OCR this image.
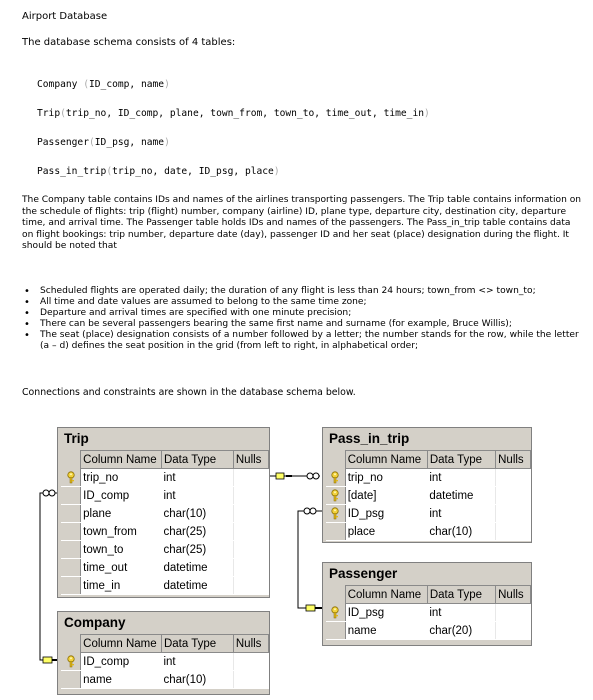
Airport Database
The database schema consists of 4 tables:
Company (ID_comp, name)
Trip(trip_no, ID_comp, plane, town_from, town_to, time_out, time_in)
Passenger(ID_psg, name)
Pass_in_trip(trip_no, date, ID_psg, place)
The Company table contains IDs and names of the airlines transporting passengers. The Trip table contains information on the schedule of flights: trip (flight) number, company (airline) ID, plane type, departure city, destination city, departure time, and arrival time. The Passenger table holds IDs and names of the passengers. The Pass_in_trip table contains data on flight bookings: trip number, departure date (day), passenger ID and her seat (place) designation during the flight. It should be noted that
• Scheduled flights are operated daily; the duration of any flight is less than 24 hours; town_from <> town_to;
• All time and date values are assumed to belong to the same time zone;
• Departure and arrival times are specified with one minute precision;
• There can be several passengers bearing the same first name and surname (for example, Bruce Willis);
• The seat (place) designation consists of a number followed by a letter; the number stands for the row, while the letter (a – d) defines the seat position in the grid (from left to right, in alphabetical order;
Connections and constraints are shown in the database schema below.
Trip
	Column Name	Data Type	Nulls
	trip_no	int	
	ID_comp	int	
	plane	char(10)	
	town_from	char(25)	
	town_to	char(25)	
	time_out	datetime	
	time_in	datetime	
Pass_in_trip
	Column Name	Data Type	Nulls
	trip_no	int	
	[date]	datetime	
	ID_psg	int	
	place	char(10)	
Passenger
	Column Name	Data Type	Nulls
	ID_psg	int	
	name	char(20)	
Company
	Column Name	Data Type	Nulls
	ID_comp	int	
	name	char(10)	
